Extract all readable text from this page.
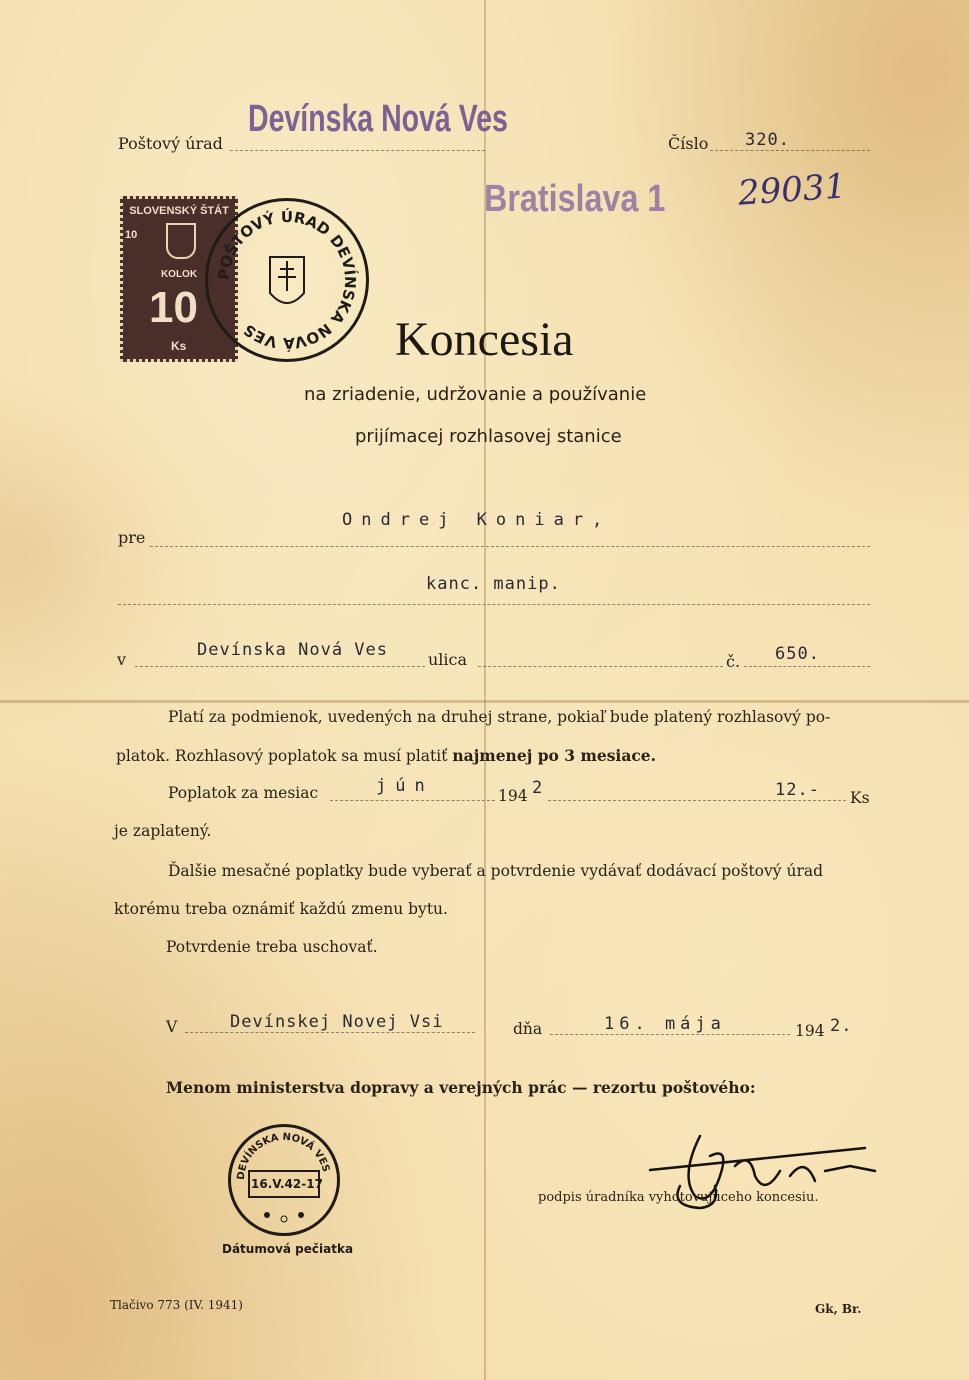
Poštový úrad
Devínska Nová Ves
Číslo 320.
Bratislava 1 29031
SLOVENSKÝ ŠTÁT
10
KOLOK
10
Ks
POŠTOVÝ ÚRAD DEVÍNSKA NOVÁ VES	Koncesia
na zriadenie, udržovanie a používanie
prijímacej rozhlasovej stanice
pre
Ondrej Koniar,
kanc. manip.
v	Devínska Nová Ves	ulica	č. 650.
Platí za podmienok, uvedených na druhej strane, pokiaľ bude platený rozhlasový po-
platok. Rozhlasový poplatok sa musí platiť najmenej po 3 mesiace.
Poplatok za mesiac	jún	194 2	12.- Ks
je zaplatený.
Ďalšie mesačné poplatky bude vyberať a potvrdenie vydávať dodávací poštový úrad
ktorému treba oznámiť každú zmenu bytu.
Potvrdenie treba uschovať.
V	Devínskej Novej Vsi	dňa	16. mája	194 2.
Menom ministerstva dopravy a verejných prác — rezortu poštového:
DEVÍNSKA NOVÁ VES
16.V.42-17
Dátumová pečiatka
podpis úradníka vyhotovujúceho koncesiu.
Tlačivo 773 (IV. 1941)	Gk, Br.
